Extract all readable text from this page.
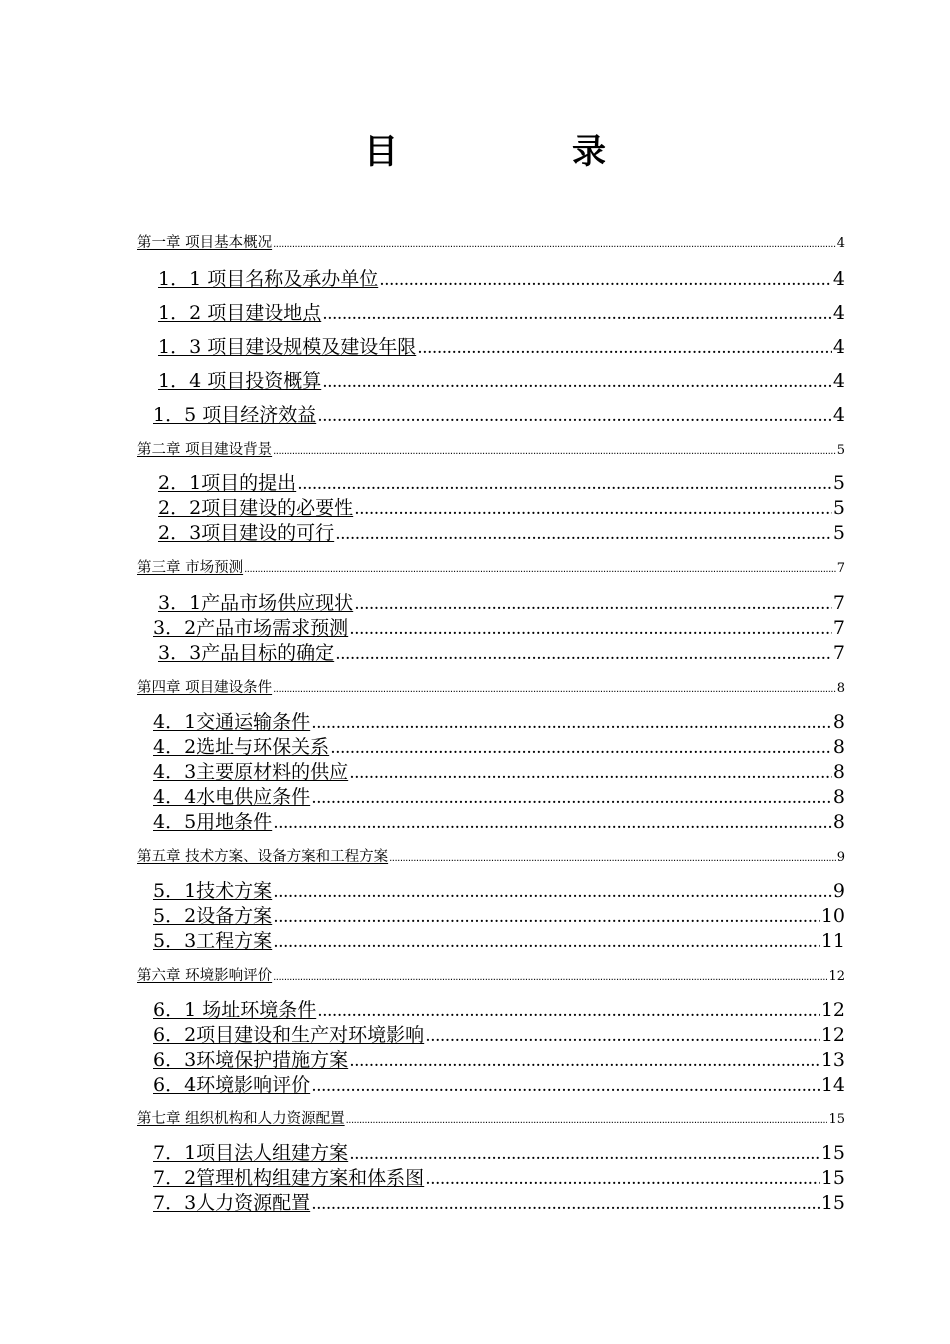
目　录
第一章 项目基本概况 .....	4
1．1 项目名称及承办单位 .....	4
1．2 项目建设地点 .....	4
1．3 项目建设规模及建设年限 .....	4
1．4 项目投资概算 .....	4
1．5 项目经济效益 .....	4
第二章 项目建设背景 .....	5
2．1项目的提出 .....	5
2．2项目建设的必要性 .....	5
2．3项目建设的可行 .....	5
第三章 市场预测 .....	7
3．1产品市场供应现状 .....	7
3．2产品市场需求预测 .....	7
3．3产品目标的确定 .....	7
第四章 项目建设条件 .....	8
4．1交通运输条件 .....	8
4．2选址与环保关系 .....	8
4．3主要原材料的供应 .....	8
4．4水电供应条件 .....	8
4．5用地条件 .....	8
第五章 技术方案、设备方案和工程方案 .....	9
5．1技术方案 .....	9
5．2设备方案 .....	10
5．3工程方案 .....	11
第六章 环境影响评价 .....	12
6．1 场址环境条件 .....	12
6．2项目建设和生产对环境影响 .....	12
6．3环境保护措施方案 .....	13
6．4环境影响评价 .....	14
第七章 组织机构和人力资源配置 .....	15
7．1项目法人组建方案 .....	15
7．2管理机构组建方案和体系图 .....	15
7．3人力资源配置 .....	15
